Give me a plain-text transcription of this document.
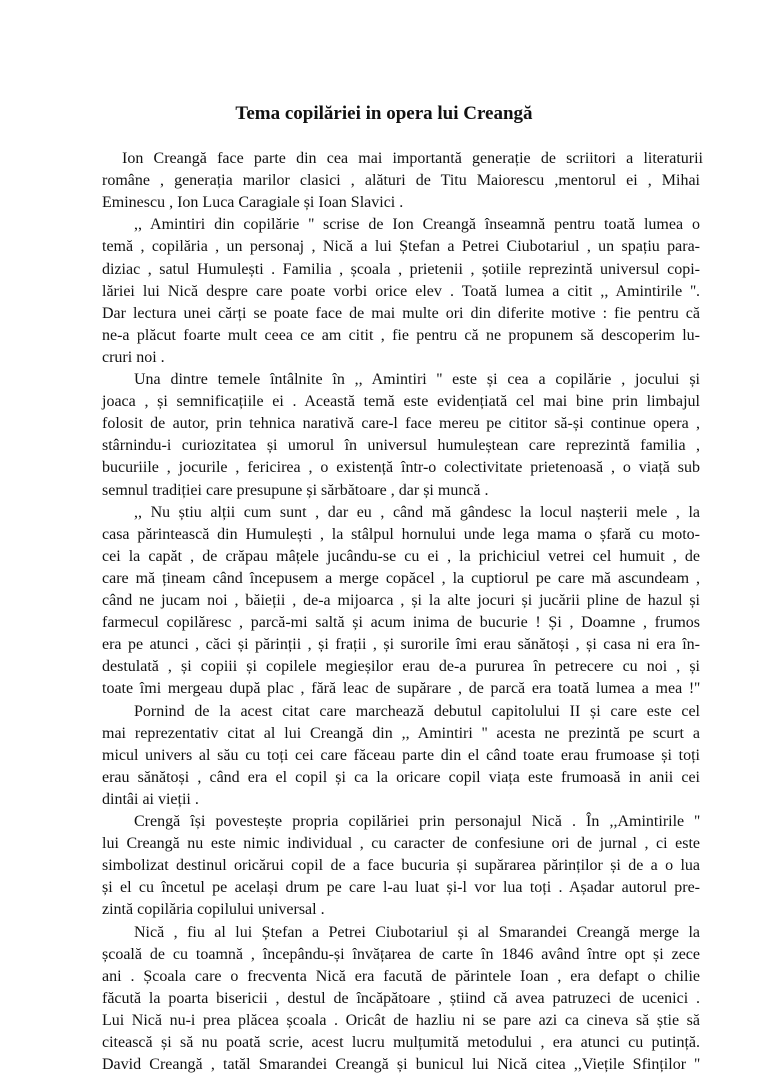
Tema copilăriei in opera lui Creangă
Ion Creangă face parte din cea mai importantă generație de scriitori a literaturii
române , generația marilor clasici , alături de Titu Maiorescu ,mentorul ei , Mihai
Eminescu , Ion Luca Caragiale și Ioan Slavici .
,, Amintiri din copilărie '' scrise de Ion Creangă înseamnă pentru toată lumea o
temă , copilăria , un personaj , Nică a lui Ștefan a Petrei Ciubotariul , un spațiu para-
diziac , satul Humulești . Familia , școala , prietenii , șotiile reprezintă universul copi-
lăriei lui Nică despre care poate vorbi orice elev . Toată lumea a citit ,, Amintirile ''.
Dar lectura unei cărți se poate face de mai multe ori din diferite motive : fie pentru că
ne-a plăcut foarte mult ceea ce am citit , fie pentru că ne propunem să descoperim lu-
cruri noi .
Una dintre temele întâlnite în ,, Amintiri '' este și cea a copilărie , jocului și
joaca , și semnificațiile ei . Această temă este evidențiată cel mai bine prin limbajul
folosit de autor, prin tehnica narativă care-l face mereu pe cititor să-și continue opera ,
stârnindu-i curiozitatea și umorul în universul humuleștean care reprezintă familia ,
bucuriile , jocurile , fericirea , o existență într-o colectivitate prietenoasă , o viață sub
semnul tradiției care presupune și sărbătoare , dar și muncă .
,, Nu știu alții cum sunt , dar eu , când mă gândesc la locul nașterii mele , la
casa părintească din Humulești , la stâlpul hornului unde lega mama o șfară cu moto-
cei la capăt , de crăpau mâțele jucându-se cu ei , la prichiciul vetrei cel humuit , de
care mă țineam când începusem a merge copăcel , la cuptiorul pe care mă ascundeam ,
când ne jucam noi , băieții , de-a mijoarca , și la alte jocuri și jucării pline de hazul și
farmecul copilăresc , parcă-mi saltă și acum inima de bucurie ! Și , Doamne , frumos
era pe atunci , căci și părinții , și frații , și surorile îmi erau sănătoși , și casa ni era în-
destulată , și copiii și copilele megieșilor erau de-a pururea în petrecere cu noi , și
toate îmi mergeau după plac , fără leac de supărare , de parcă era toată lumea a mea !''
Pornind de la acest citat care marchează debutul capitolului II și care este cel
mai reprezentativ citat al lui Creangă din ,, Amintiri '' acesta ne prezintă pe scurt a
micul univers al său cu toți cei care făceau parte din el când toate erau frumoase și toți
erau sănătoși , când era el copil și ca la oricare copil viața este frumoasă in anii cei
dintâi ai vieții .
Crengă își povestește propria copilăriei prin personajul Nică . În ,,Amintirile ''
lui Creangă nu este nimic individual , cu caracter de confesiune ori de jurnal , ci este
simbolizat destinul oricărui copil de a face bucuria și supărarea părinților și de a o lua
și el cu încetul pe același drum pe care l-au luat și-l vor lua toți . Așadar autorul pre-
zintă copilăria copilului universal .
Nică , fiu al lui Ștefan a Petrei Ciubotariul și al Smarandei Creangă merge la
școală de cu toamnă , începându-și învățarea de carte în 1846 având între opt și zece
ani . Școala care o frecventa Nică era facută de părintele Ioan , era defapt o chilie
făcută la poarta bisericii , destul de încăpătoare , știind că avea patruzeci de ucenici .
Lui Nică nu-i prea plăcea școala . Oricât de hazliu ni se pare azi ca cineva să știe să
citească și să nu poată scrie, acest lucru mulțumită metodului , era atunci cu putință.
David Creangă , tatăl Smarandei Creangă și bunicul lui Nică citea ,,Viețile Sfinților ''
